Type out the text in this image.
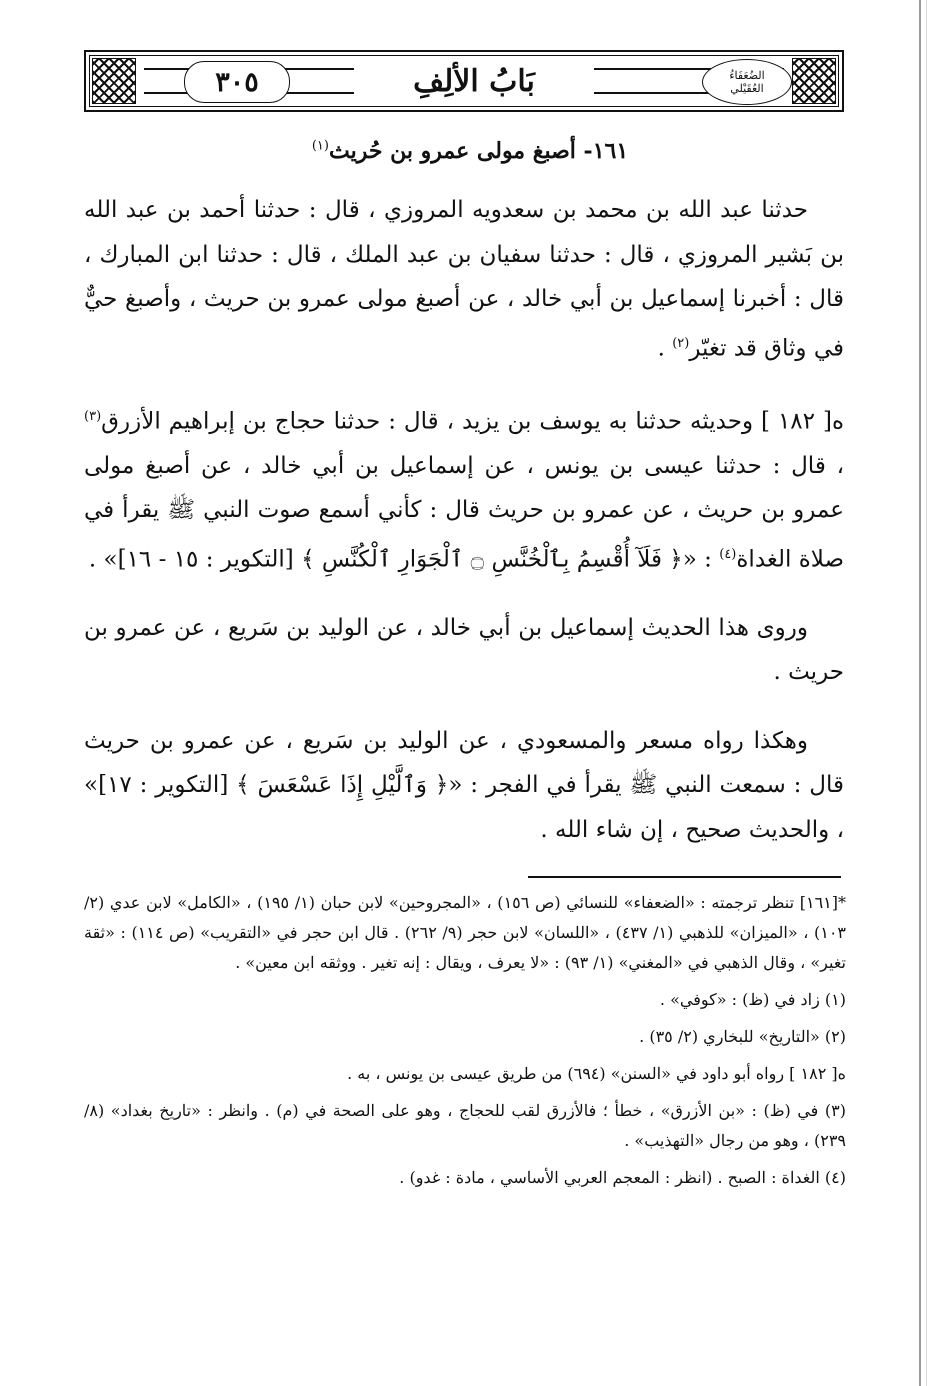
٣٠٥	بَابُ الألِفِ	الضُعَفَاءُ
العُقَيْلي
١٦١- أصبغ مولى عمرو بن حُريث$^{(١)}$

حدثنا عبد الله بن محمد بن سعدويه المروزي ، قال : حدثنا أحمد بن عبد الله بن بَشير المروزي ، قال : حدثنا سفيان بن عبد الملك ، قال : حدثنا ابن المبارك ، قال : أخبرنا إسماعيل بن أبي خالد ، عن أصبغ مولى عمرو بن حريث ، وأصبغ حيٌّ في وثاق قد تغيّر$^{(٢)}$ .

ه[ ١٨٢ ] وحديثه حدثنا به يوسف بن يزيد ، قال : حدثنا حجاج بن إبراهيم الأزرق$^{(٣)}$ ، قال : حدثنا عيسى بن يونس ، عن إسماعيل بن أبي خالد ، عن أصبغ مولى عمرو بن حريث ، عن عمرو بن حريث قال : كأني أسمع صوت النبي ﷺ يقرأ في صلاة الغداة$^{(٤)}$ : «﴿ فَلَآ أُقْسِمُ بِٱلْخُنَّسِ ۝ ٱلْجَوَارِ ٱلْكُنَّسِ ﴾ [التكوير : ١٥ - ١٦]» .

وروى هذا الحديث إسماعيل بن أبي خالد ، عن الوليد بن سَريع ، عن عمرو بن حريث .

وهكذا رواه مسعر والمسعودي ، عن الوليد بن سَريع ، عن عمرو بن حريث قال : سمعت النبي ﷺ يقرأ في الفجر : «﴿ وَٱلَّيْلِ إِذَا عَسْعَسَ ﴾ [التكوير : ١٧]» ، والحديث صحيح ، إن شاء الله .

*[١٦١] تنظر ترجمته : «الضعفاء» للنسائي (ص ١٥٦) ، «المجروحين» لابن حبان (١/ ١٩٥) ، «الكامل» لابن عدي (٢/ ١٠٣) ، «الميزان» للذهبي (١/ ٤٣٧) ، «اللسان» لابن حجر (٩/ ٢٦٢) . قال ابن حجر في «التقريب» (ص ١١٤) : «ثقة تغير» ، وقال الذهبي في «المغني» (١/ ٩٣) : «لا يعرف ، ويقال : إنه تغير . ووثقه ابن معين» .

(١) زاد في (ظ) : «كوفي» .

(٢) «التاريخ» للبخاري (٢/ ٣٥) .

ه[ ١٨٢ ] رواه أبو داود في «السنن» (٦٩٤) من طريق عيسى بن يونس ، به .

(٣) في (ظ) : «بن الأزرق» ، خطأ ؛ فالأزرق لقب للحجاج ، وهو على الصحة في (م) . وانظر : «تاريخ بغداد» (٨/ ٢٣٩) ، وهو من رجال «التهذيب» .

(٤) الغداة : الصبح . (انظر : المعجم العربي الأساسي ، مادة : غدو) .
